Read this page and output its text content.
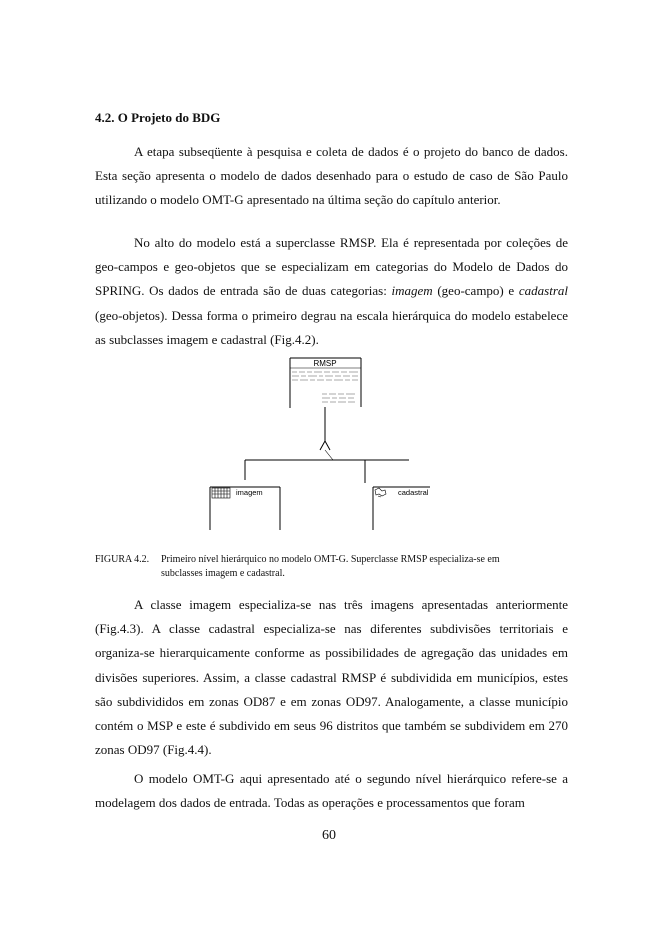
4.2. O Projeto do BDG

A etapa subseqüente à pesquisa e coleta de dados é o projeto do banco de dados. Esta seção apresenta o modelo de dados desenhado para o estudo de caso de São Paulo utilizando o modelo OMT-G apresentado na última seção do capítulo anterior.

No alto do modelo está a superclasse RMSP. Ela é representada por coleções de geo-campos e geo-objetos que se especializam em categorias do Modelo de Dados do SPRING. Os dados de entrada são de duas categorias: imagem (geo-campo) e cadastral (geo-objetos). Dessa forma o primeiro degrau na escala hierárquica do modelo estabelece as subclasses imagem e cadastral (Fig.4.2).

RMSP
imagem	cadastral

FIGURA 4.2. Primeiro nível hierárquico no modelo OMT-G. Superclasse RMSP especializa-se em
subclasses imagem e cadastral.

A classe imagem especializa-se nas três imagens apresentadas anteriormente (Fig.4.3). A classe cadastral especializa-se nas diferentes subdivisões territoriais e organiza-se hierarquicamente conforme as possibilidades de agregação das unidades em divisões superiores. Assim, a classe cadastral RMSP é subdividida em municípios, estes são subdivididos em zonas OD87 e em zonas OD97. Analogamente, a classe município contém o MSP e este é subdivido em seus 96 distritos que também se subdividem em 270 zonas OD97 (Fig.4.4).

O modelo OMT-G aqui apresentado até o segundo nível hierárquico refere-se a modelagem dos dados de entrada. Todas as operações e processamentos que foram

60
